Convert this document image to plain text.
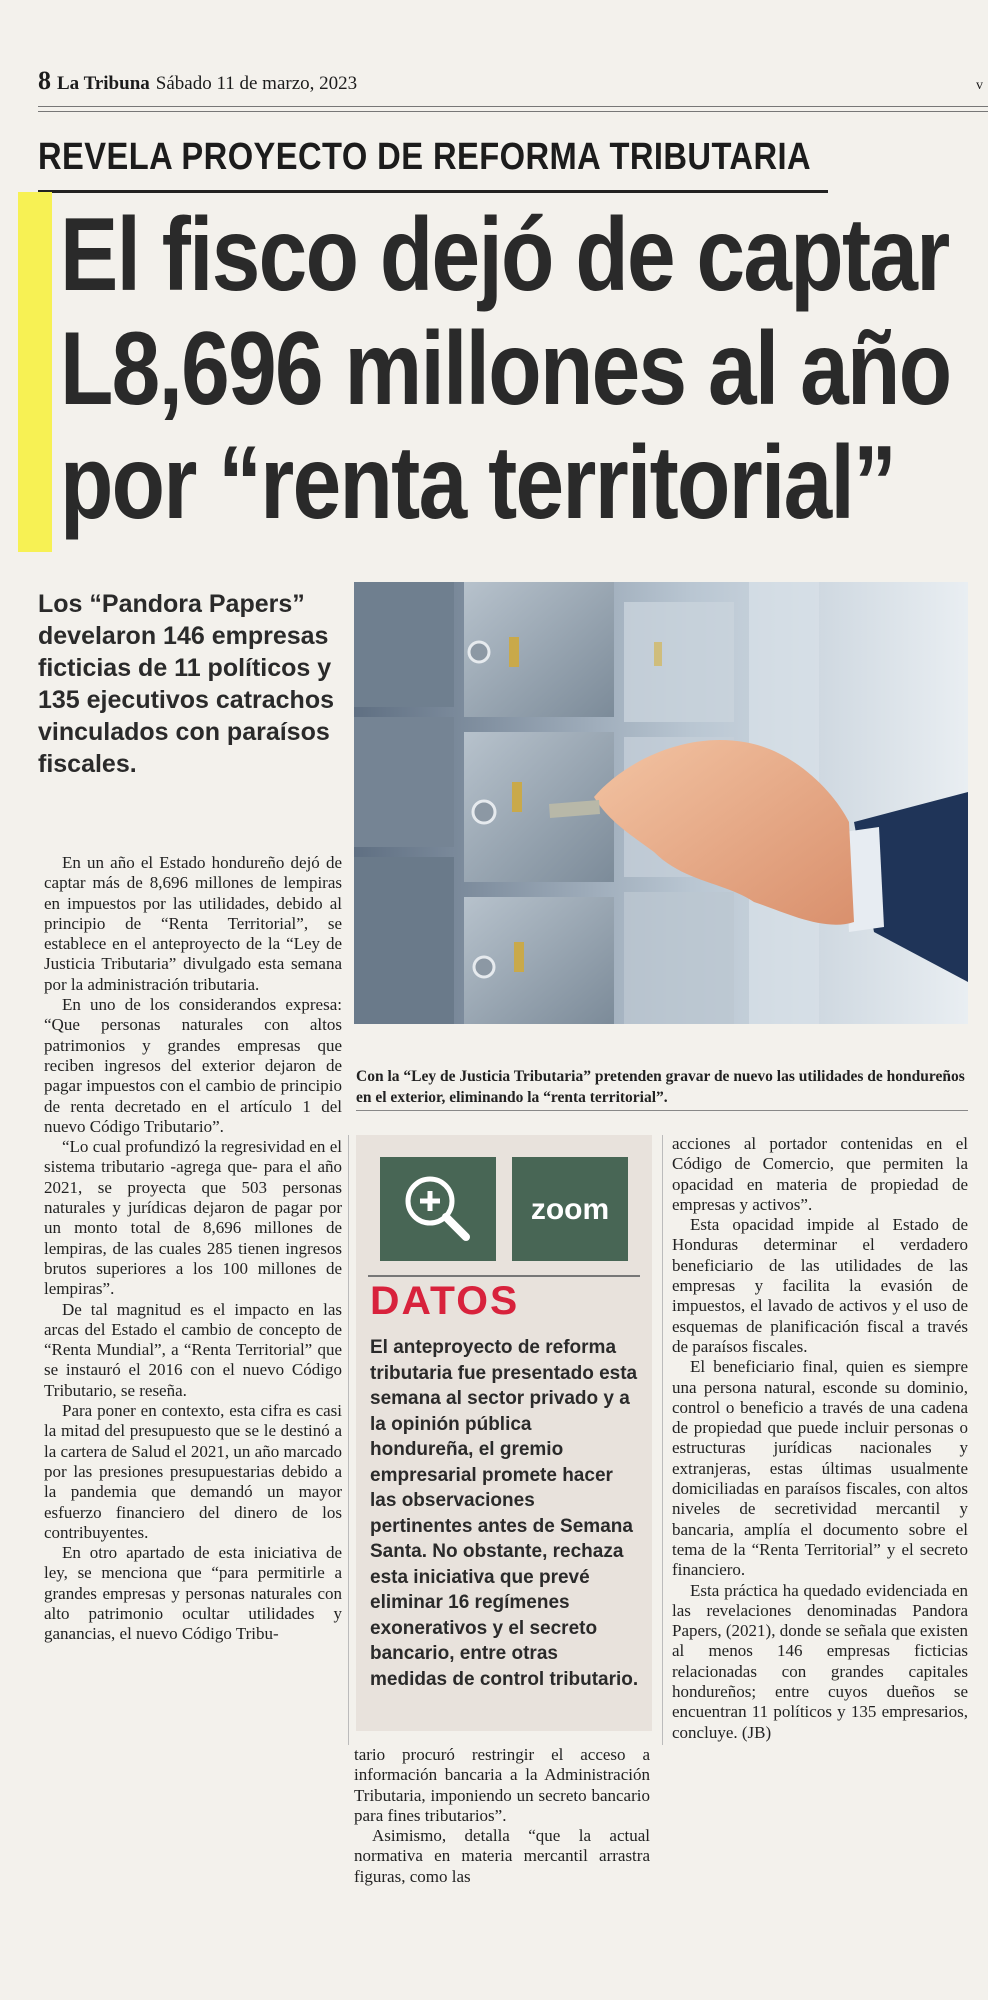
8 La Tribuna Sábado 11 de marzo, 2023	v
REVELA PROYECTO DE REFORMA TRIBUTARIA
El fisco dejó de captar
L8,696 millones al año
por “renta territorial”
Los “Pandora Papers” develaron 146 empresas ficticias de 11 políticos y 135 ejecutivos catrachos vinculados con paraísos fiscales.
Con la “Ley de Justicia Tributaria” pretenden gravar de nuevo las utilidades de hondureños en el exterior, eliminando la “renta territorial”.

En un año el Estado hondureño dejó de captar más de 8,696 millones de lempiras en impuestos por las utilidades, debido al principio de “Renta Territorial”, se establece en el anteproyecto de la “Ley de Justicia Tributaria” divulgado esta semana por la administración tributaria.

En uno de los considerandos expresa: “Que personas naturales con altos patrimonios y grandes empresas que reciben ingresos del exterior dejaron de pagar impuestos con el cambio de principio de renta decretado en el artículo 1 del nuevo Código Tributario”.

“Lo cual profundizó la regresividad en el sistema tributario -agrega que- para el año 2021, se proyecta que 503 personas naturales y jurídicas dejaron de pagar por un monto total de 8,696 millones de lempiras, de las cuales 285 tienen ingresos brutos superiores a los 100 millones de lempiras”.

De tal magnitud es el impacto en las arcas del Estado el cambio de concepto de “Renta Mundial”, a “Renta Territorial” que se instauró el 2016 con el nuevo Código Tributario, se reseña.

Para poner en contexto, esta cifra es casi la mitad del presupuesto que se le destinó a la cartera de Salud el 2021, un año marcado por las presiones presupuestarias debido a la pandemia que demandó un mayor esfuerzo financiero del dinero de los contribuyentes.

En otro apartado de esta iniciativa de ley, se menciona que “para permitirle a grandes empresas y personas naturales con alto patrimonio ocultar utilidades y ganancias, el nuevo Código Tribu-

zoom
DATOS
El anteproyecto de reforma tributaria fue presentado esta semana al sector privado y a la opinión pública hondureña, el gremio empresarial promete hacer las observaciones pertinentes antes de Semana Santa. No obstante, rechaza esta iniciativa que prevé eliminar 16 regímenes exonerativos y el secreto bancario, entre otras medidas de control tributario.

tario procuró restringir el acceso a información bancaria a la Administración Tributaria, imponiendo un secreto bancario para fines tributarios”.

Asimismo, detalla “que la actual normativa en materia mercantil arrastra figuras, como las

acciones al portador contenidas en el Código de Comercio, que permiten la opacidad en materia de propiedad de empresas y activos”.

Esta opacidad impide al Estado de Honduras determinar el verdadero beneficiario de las utilidades de las empresas y facilita la evasión de impuestos, el lavado de activos y el uso de esquemas de planificación fiscal a través de paraísos fiscales.

El beneficiario final, quien es siempre una persona natural, esconde su dominio, control o beneficio a través de una cadena de propiedad que puede incluir personas o estructuras jurídicas nacionales y extranjeras, estas últimas usualmente domiciliadas en paraísos fiscales, con altos niveles de secretividad mercantil y bancaria, amplía el documento sobre el tema de la “Renta Territorial” y el secreto financiero.

Esta práctica ha quedado evidenciada en las revelaciones denominadas Pandora Papers, (2021), donde se señala que existen al menos 146 empresas ficticias relacionadas con grandes capitales hondureños; entre cuyos dueños se encuentran 11 políticos y 135 empresarios, concluye. (JB)
